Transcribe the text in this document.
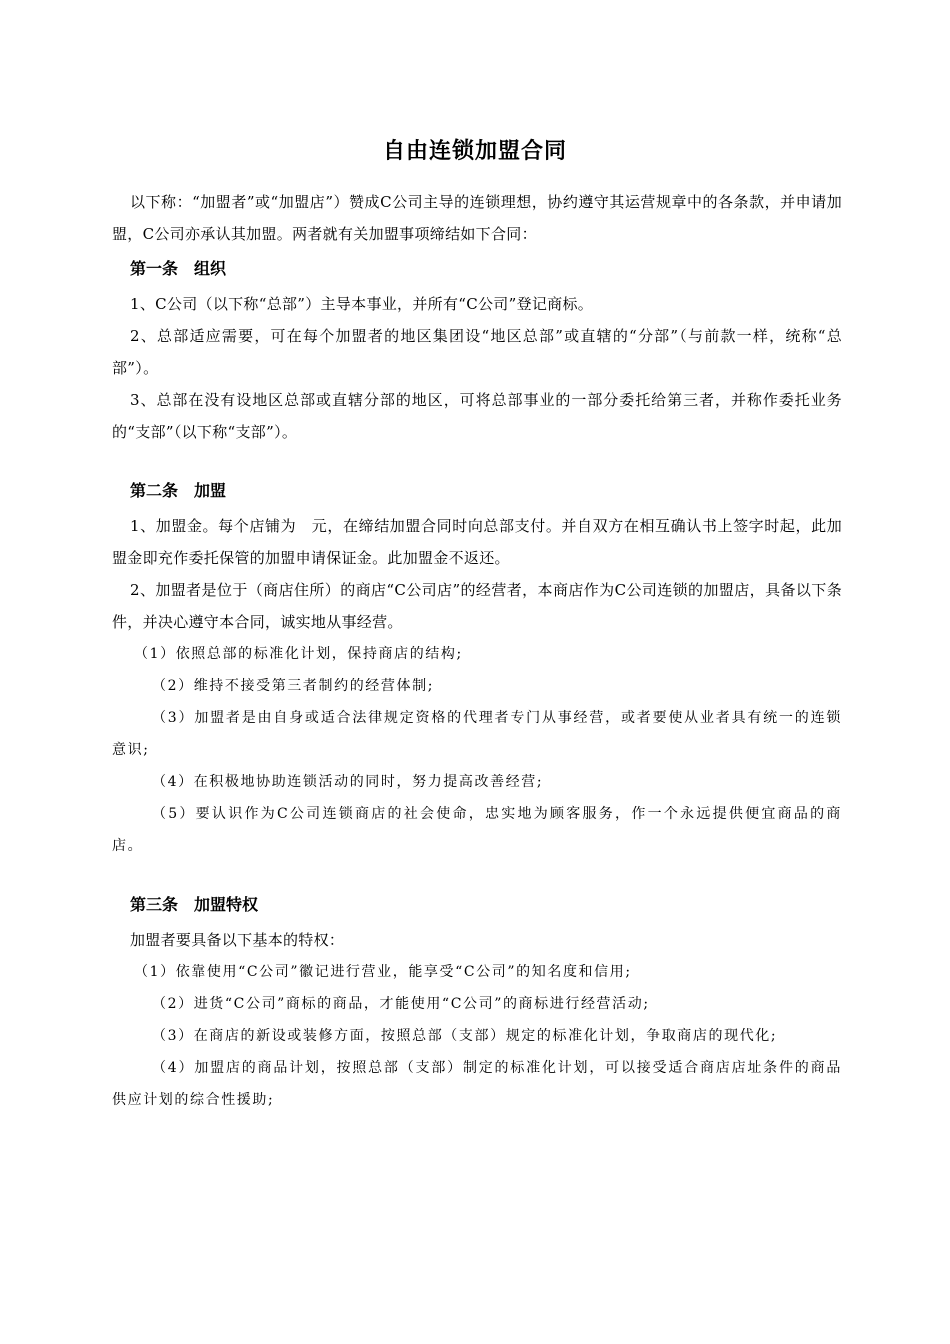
自由连锁加盟合同

以下称：“加盟者”或“加盟店”）赞成C公司主导的连锁理想，协约遵守其运营规章中的各条款，并申请加盟，C公司亦承认其加盟。两者就有关加盟事项缔结如下合同：

第一条　组织

1、C公司（以下称“总部”）主导本事业，并所有“C公司”登记商标。

2、总部适应需要，可在每个加盟者的地区集团设“地区总部”或直辖的“分部”（与前款一样，统称“总部”）。

3、总部在没有设地区总部或直辖分部的地区，可将总部事业的一部分委托给第三者，并称作委托业务的“支部”（以下称“支部”）。

第二条　加盟

1、加盟金。每个店铺为　元，在缔结加盟合同时向总部支付。并自双方在相互确认书上签字时起，此加盟金即充作委托保管的加盟申请保证金。此加盟金不返还。

2、加盟者是位于（商店住所）的商店“C公司店”的经营者，本商店作为C公司连锁的加盟店，具备以下条件，并决心遵守本合同，诚实地从事经营。

（1）依照总部的标准化计划，保持商店的结构;

（2）维持不接受第三者制约的经营体制;

（3）加盟者是由自身或适合法律规定资格的代理者专门从事经营，或者要使从业者具有统一的连锁意识;

（4）在积极地协助连锁活动的同时，努力提高改善经营;

（5）要认识作为C公司连锁商店的社会使命，忠实地为顾客服务，作一个永远提供便宜商品的商店。

第三条　加盟特权

加盟者要具备以下基本的特权：

（1）依靠使用“C公司”徽记进行营业，能享受“C公司”的知名度和信用;

（2）进货“C公司”商标的商品，才能使用“C公司”的商标进行经营活动;

（3）在商店的新设或装修方面，按照总部（支部）规定的标准化计划，争取商店的现代化;

（4）加盟店的商品计划，按照总部（支部）制定的标准化计划，可以接受适合商店店址条件的商品供应计划的综合性援助;
